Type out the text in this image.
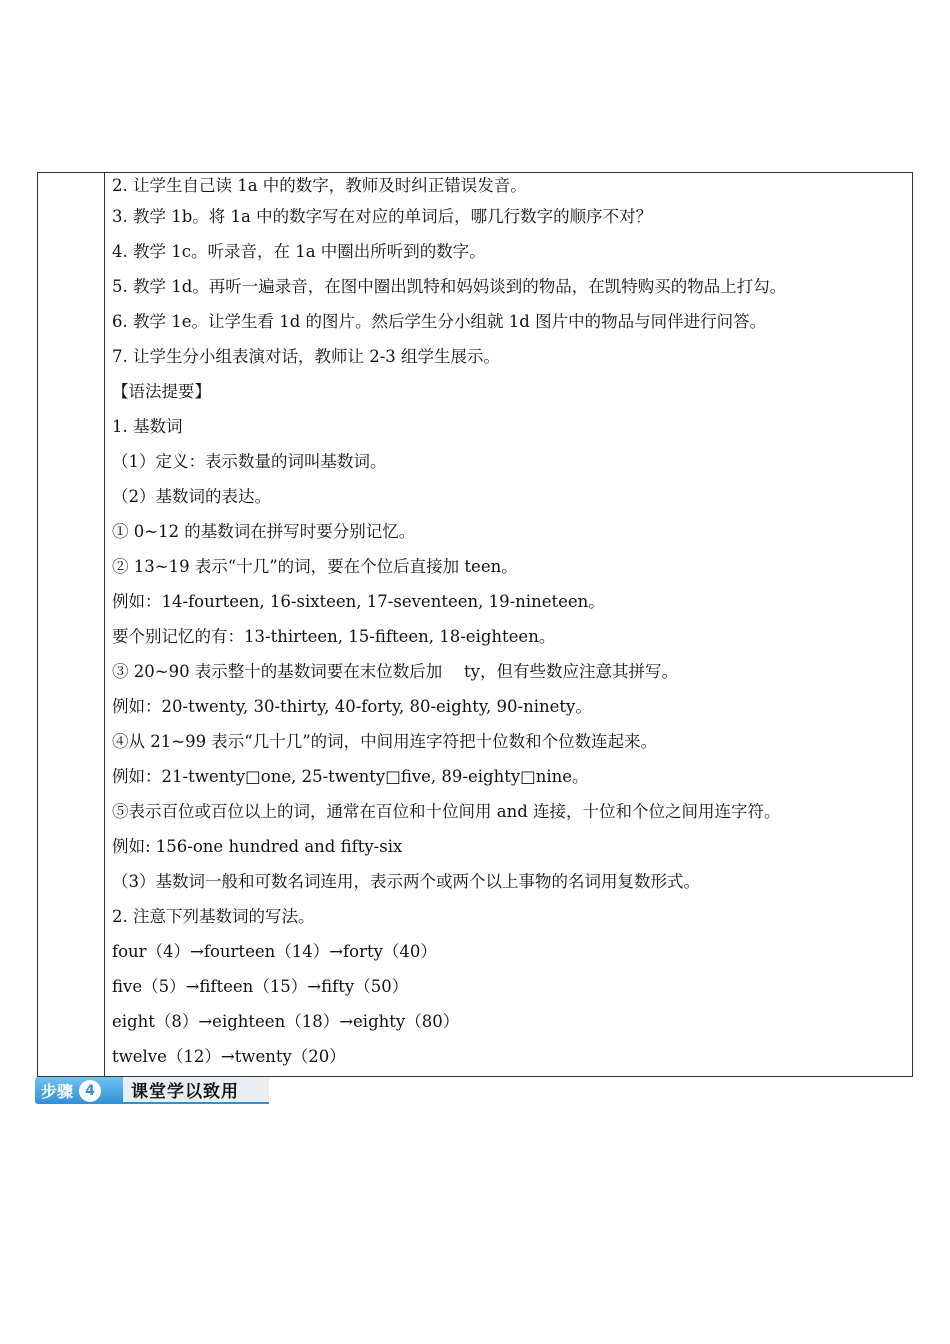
2. 让学生自己读 1a 中的数字，教师及时纠正错误发音。
3. 教学 1b。将 1a 中的数字写在对应的单词后，哪几行数字的顺序不对？
4. 教学 1c。听录音，在 1a 中圈出所听到的数字。
5. 教学 1d。再听一遍录音，在图中圈出凯特和妈妈谈到的物品，在凯特购买的物品上打勾。
6. 教学 1e。让学生看 1d 的图片。然后学生分小组就 1d 图片中的物品与同伴进行问答。
7. 让学生分小组表演对话，教师让 2-3 组学生展示。
【语法提要】
1. 基数词
（1）定义：表示数量的词叫基数词。
（2）基数词的表达。
① 0~12 的基数词在拼写时要分别记忆。
② 13~19 表示“十几”的词，要在个位后直接加 teen。
例如：14-fourteen, 16-sixteen, 17-seventeen, 19-nineteen。
要个别记忆的有：13-thirteen, 15-fifteen, 18-eighteen。
③ 20~90 表示整十的基数词要在末位数后加　 ty，但有些数应注意其拼写。
例如：20-twenty, 30-thirty, 40-forty, 80-eighty, 90-ninety。
④从 21~99 表示“几十几”的词，中间用连字符把十位数和个位数连起来。
例如：21-twenty□one, 25-twenty□five, 89-eighty□nine。
⑤表示百位或百位以上的词，通常在百位和十位间用 and 连接，十位和个位之间用连字符。
例如: 156-one hundred and fifty-six
（3）基数词一般和可数名词连用，表示两个或两个以上事物的名词用复数形式。
2. 注意下列基数词的写法。
four（4）→fourteen（14）→forty（40）
five（5）→fifteen（15）→fifty（50）
eight（8）→eighteen（18）→eighty（80）
twelve（12）→twenty（20）
步骤 4	课堂学以致用
